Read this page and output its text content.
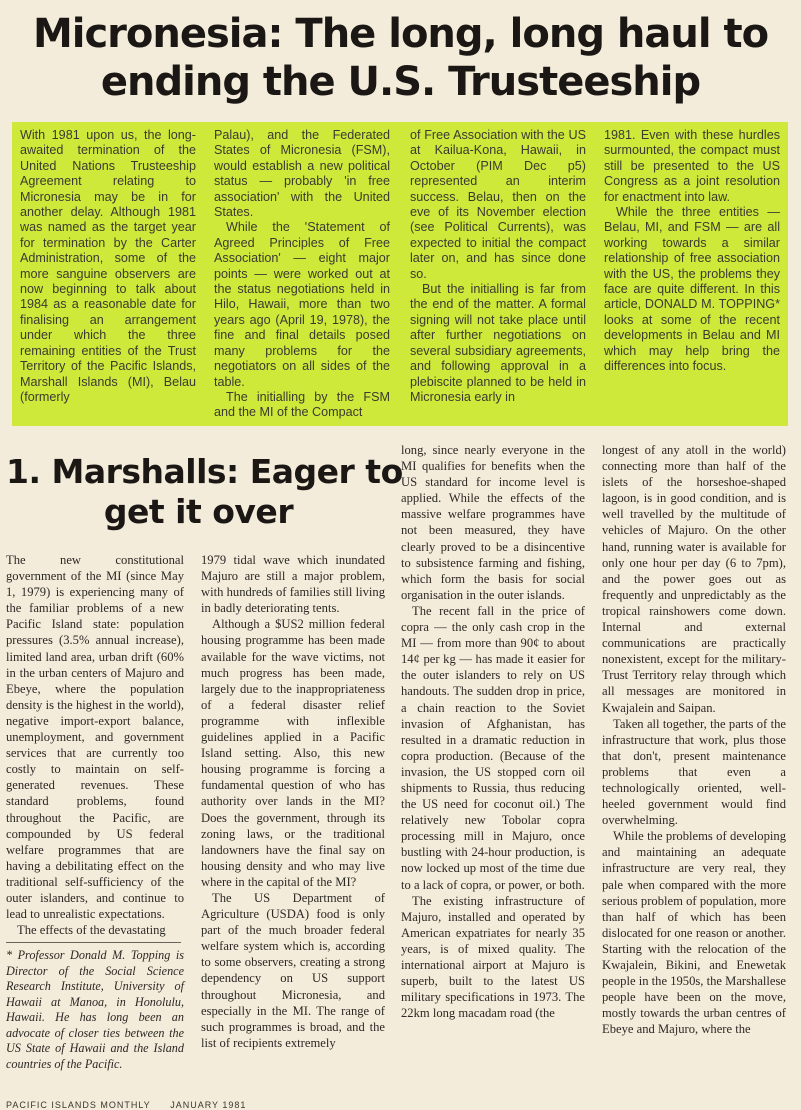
Micronesia: The long, long haul to
ending the U.S. Trusteeship

With 1981 upon us, the long-awaited termination of the United Nations Trusteeship Agreement relating to Micronesia may be in for another delay. Although 1981 was named as the target year for termination by the Carter Administration, some of the more sanguine observers are now beginning to talk about 1984 as a reasonable date for finalising an arrangement under which the three remaining entities of the Trust Territory of the Pacific Islands, Marshall Islands (MI), Belau (formerly

Palau), and the Federated States of Micronesia (FSM), would establish a new political status — probably 'in free association' with the United States.

While the 'Statement of Agreed Principles of Free Association' — eight major points — were worked out at the status negotiations held in Hilo, Hawaii, more than two years ago (April 19, 1978), the fine and final details posed many problems for the negotiators on all sides of the table.

The initialling by the FSM and the MI of the Compact

of Free Association with the US at Kailua-Kona, Hawaii, in October (PIM Dec p5) represented an interim success. Belau, then on the eve of its November election (see Political Currents), was expected to initial the compact later on, and has since done so.

But the initialling is far from the end of the matter. A formal signing will not take place until after further negotiations on several subsidiary agreements, and following approval in a plebiscite planned to be held in Micronesia early in

1981. Even with these hurdles surmounted, the compact must still be presented to the US Congress as a joint resolution for enactment into law.

While the three entities — Belau, MI, and FSM — are all working towards a similar relationship of free association with the US, the problems they face are quite different. In this article, DONALD M. TOPPING* looks at some of the recent developments in Belau and MI which may help bring the differences into focus.

1. Marshalls: Eager to
get it over

The new constitutional government of the MI (since May 1, 1979) is experiencing many of the familiar problems of a new Pacific Island state: population pressures (3.5% annual increase), limited land area, urban drift (60% in the urban centers of Majuro and Ebeye, where the population density is the highest in the world), negative import-export balance, unemployment, and government services that are currently too costly to maintain on self-generated revenues. These standard problems, found throughout the Pacific, are compounded by US federal welfare programmes that are having a debilitating effect on the traditional self-sufficiency of the outer islanders, and continue to lead to unrealistic expectations.

The effects of the devastating

* Professor Donald M. Topping is Director of the Social Science Research Institute, University of Hawaii at Manoa, in Honolulu, Hawaii. He has long been an advocate of closer ties between the US State of Hawaii and the Island countries of the Pacific.

1979 tidal wave which inundated Majuro are still a major problem, with hundreds of families still living in badly deteriorating tents.

Although a $US2 million federal housing programme has been made available for the wave victims, not much progress has been made, largely due to the inappropriateness of a federal disaster relief programme with inflexible guidelines applied in a Pacific Island setting. Also, this new housing programme is forcing a fundamental question of who has authority over lands in the MI? Does the government, through its zoning laws, or the traditional landowners have the final say on housing density and who may live where in the capital of the MI?

The US Department of Agriculture (USDA) food is only part of the much broader federal welfare system which is, according to some observers, creating a strong dependency on US support throughout Micronesia, and especially in the MI. The range of such programmes is broad, and the list of recipients extremely

long, since nearly everyone in the MI qualifies for benefits when the US standard for income level is applied. While the effects of the massive welfare programmes have not been measured, they have clearly proved to be a disincentive to subsistence farming and fishing, which form the basis for social organisation in the outer islands.

The recent fall in the price of copra — the only cash crop in the MI — from more than 90¢ to about 14¢ per kg — has made it easier for the outer islanders to rely on US handouts. The sudden drop in price, a chain reaction to the Soviet invasion of Afghanistan, has resulted in a dramatic reduction in copra production. (Because of the invasion, the US stopped corn oil shipments to Russia, thus reducing the US need for coconut oil.) The relatively new Tobolar copra processing mill in Majuro, once bustling with 24-hour production, is now locked up most of the time due to a lack of copra, or power, or both.

The existing infrastructure of Majuro, installed and operated by American expatriates for nearly 35 years, is of mixed quality. The international airport at Majuro is superb, built to the latest US military specifications in 1973. The 22km long macadam road (the

longest of any atoll in the world) connecting more than half of the islets of the horseshoe-shaped lagoon, is in good condition, and is well travelled by the multitude of vehicles of Majuro. On the other hand, running water is available for only one hour per day (6 to 7pm), and the power goes out as frequently and unpredictably as the tropical rainshowers come down. Internal and external communications are practically nonexistent, except for the military-Trust Territory relay through which all messages are monitored in Kwajalein and Saipan.

Taken all together, the parts of the infrastructure that work, plus those that don't, present maintenance problems that even a technologically oriented, well-heeled government would find overwhelming.

While the problems of developing and maintaining an adequate infrastructure are very real, they pale when compared with the more serious problem of population, more than half of which has been dislocated for one reason or another. Starting with the relocation of the Kwajalein, Bikini, and Enewetak people in the 1950s, the Marshallese people have been on the move, mostly towards the urban centres of Ebeye and Majuro, where the

PACIFIC ISLANDS MONTHLY JANUARY 1981
